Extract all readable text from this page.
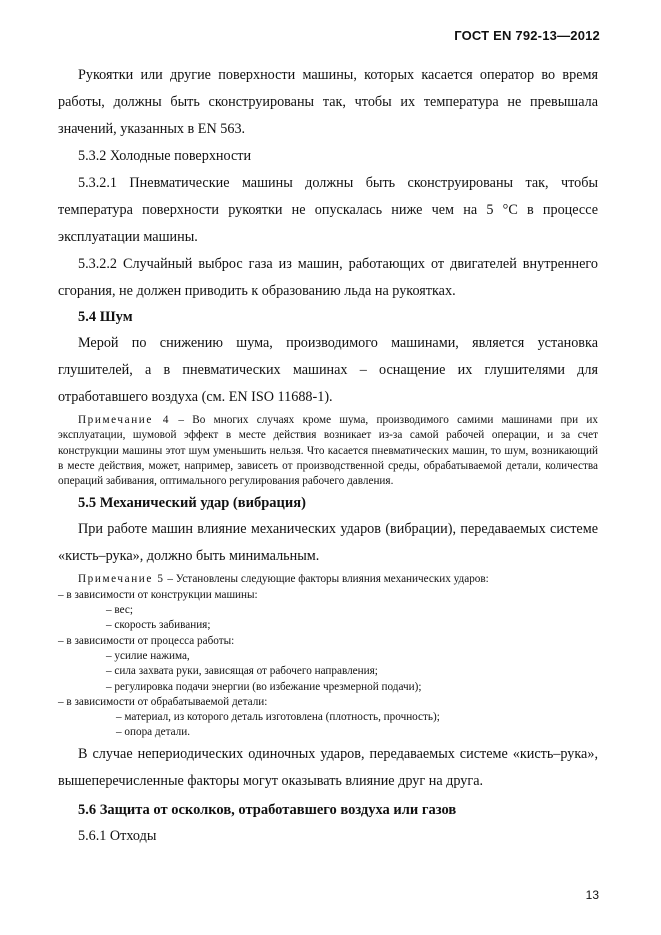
ГОСТ EN 792-13—2012

Рукоятки или другие поверхности машины, которых касается оператор во время работы, должны быть сконструированы так, чтобы их температура не превышала значений, указанных в EN 563.

5.3.2 Холодные поверхности

5.3.2.1 Пневматические машины должны быть сконструированы так, чтобы температура поверхности рукоятки не опускалась ниже чем на 5 °С в процессе эксплуатации машины.

5.3.2.2 Случайный выброс газа из машин, работающих от двигателей внутреннего сгорания, не должен приводить к образованию льда на рукоятках.

5.4 Шум

Мерой по снижению шума, производимого машинами, является установка глушителей, а в пневматических машинах – оснащение их глушителями для отработавшего воздуха (см. EN ISO 11688-1).

Примечание 4 – Во многих случаях кроме шума, производимого самими машинами при их эксплуатации, шумовой эффект в месте действия возникает из-за самой рабочей операции, и за счет конструкции машины этот шум уменьшить нельзя. Что касается пневматических машин, то шум, возникающий в месте действия, может, например, зависеть от производственной среды, обрабатываемой детали, количества операций забивания, оптимального регулирования рабочего давления.

5.5 Механический удар (вибрация)

При работе машин влияние механических ударов (вибрации), передаваемых системе «кисть–рука», должно быть минимальным.

Примечание 5 – Установлены следующие факторы влияния механических ударов:

– в зависимости от конструкции машины:

– вес;

– скорость забивания;

– в зависимости от процесса работы:

– усилие нажима,

– сила захвата руки, зависящая от рабочего направления;

– регулировка подачи энергии (во избежание чрезмерной подачи);

– в зависимости от обрабатываемой детали:

– материал, из которого деталь изготовлена (плотность, прочность);

– опора детали.

В случае непериодических одиночных ударов, передаваемых системе «кисть–рука», вышеперечисленные факторы могут оказывать влияние друг на друга.

5.6 Защита от осколков, отработавшего воздуха или газов

5.6.1 Отходы

13
